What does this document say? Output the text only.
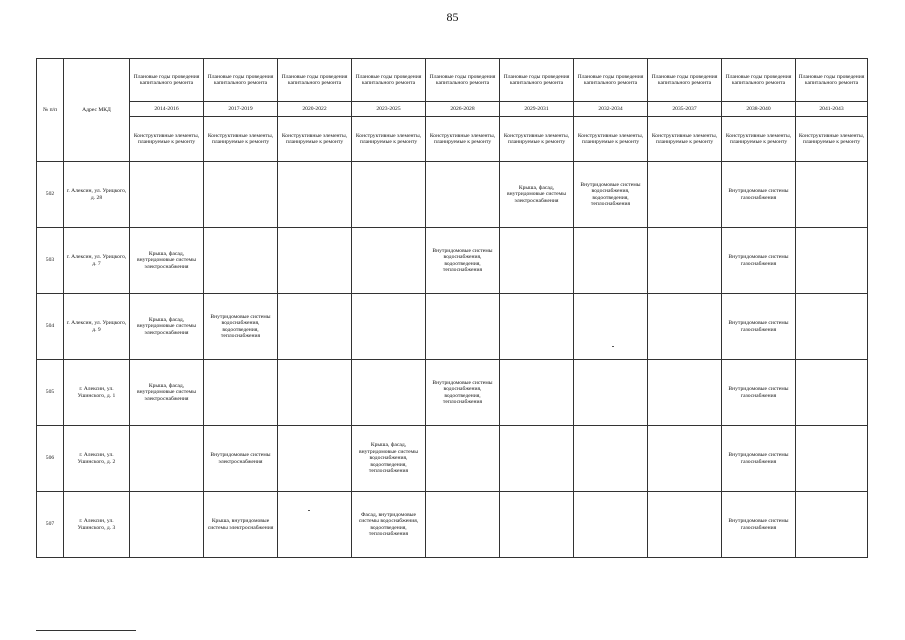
85
№ п/п	Адрес МКД	Плановые годы проведения капитального ремонта	Плановые годы проведения капитального ремонта	Плановые годы проведения капитального ремонта	Плановые годы проведения капитального ремонта	Плановые годы проведения капитального ремонта	Плановые годы проведения капитального ремонта	Плановые годы проведения капитального ремонта	Плановые годы проведения капитального ремонта	Плановые годы проведения капитального ремонта	Плановые годы проведения капитального ремонта
		2014-2016	2017-2019	2020-2022	2023-2025	2026-2028	2029-2031	2032-2034	2035-2037	2038-2040	2041-2043
		Конструктивные элементы, планируемые к ремонту	Конструктивные элементы, планируемые к ремонту	Конструктивные элементы, планируемые к ремонту	Конструктивные элементы, планируемые к ремонту	Конструктивные элементы, планируемые к ремонту	Конструктивные элементы, планируемые к ремонту	Конструктивные элементы, планируемые к ремонту	Конструктивные элементы, планируемые к ремонту	Конструктивные элементы, планируемые к ремонту	Конструктивные элементы, планируемые к ремонту
502	г. Алексин, ул. Урицкого, д. 28						Крыша, фасад, внутридомовые системы электроснабжения	Внутридомовые системы водоснабжения, водоотведения, теплоснабжения		Внутридомовые системы газоснабжения	
503	г. Алексин, ул. Урицкого, д. 7	Крыша, фасад, внутридомовые системы электроснабжения				Внутридомовые системы водоснабжения, водоотведения, теплоснабжения				Внутридомовые системы газоснабжения	
504	г. Алексин, ул. Урицкого, д. 9	Крыша, фасад, внутридомовые системы электроснабжения	Внутридомовые системы водоснабжения, водоотведения, теплоснабжения							Внутридомовые системы газоснабжения	
505	г. Алексин, ул. Ушинского, д. 1	Крыша, фасад, внутридомовые системы электроснабжения				Внутридомовые системы водоснабжения, водоотведения, теплоснабжения				Внутридомовые системы газоснабжения	
506	г. Алексин, ул. Ушинского, д. 2		Внутридомовые системы электроснабжения		Крыша, фасад, внутридомовые системы водоснабжения, водоотведения, теплоснабжения					Внутридомовые системы газоснабжения	
507	г. Алексин, ул. Ушинского, д. 3		Крыша, внутридомовые системы электроснабжения		Фасад, внутридомовые системы водоснабжения, водоотведения, теплоснабжения					Внутридомовые системы газоснабжения	
